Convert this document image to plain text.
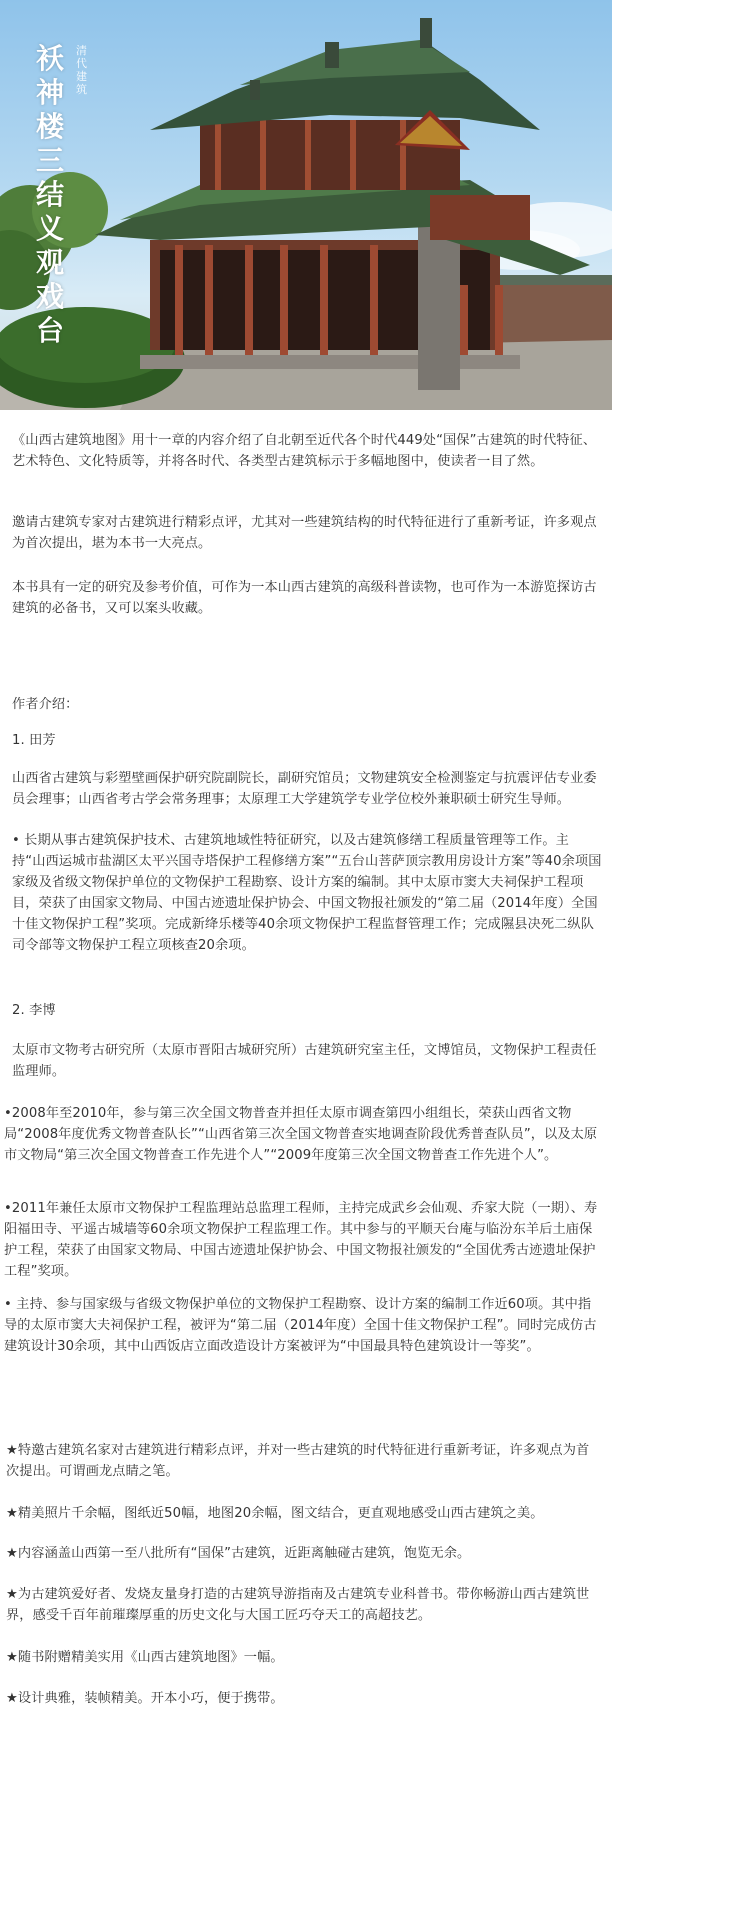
袄神楼三结义观戏台
清代建筑

《山西古建筑地图》用十一章的内容介绍了自北朝至近代各个时代449处“国保”古建筑的时代特征、艺术特色、文化特质等，并将各时代、各类型古建筑标示于多幅地图中，使读者一目了然。

邀请古建筑专家对古建筑进行精彩点评，尤其对一些建筑结构的时代特征进行了重新考证，许多观点为首次提出，堪为本书一大亮点。

本书具有一定的研究及参考价值，可作为一本山西古建筑的高级科普读物，也可作为一本游览探访古建筑的必备书，又可以案头收藏。

作者介绍：

1. 田芳

山西省古建筑与彩塑壁画保护研究院副院长，副研究馆员；文物建筑安全检测鉴定与抗震评估专业委员会理事；山西省考古学会常务理事；太原理工大学建筑学专业学位校外兼职硕士研究生导师。

• 长期从事古建筑保护技术、古建筑地域性特征研究，以及古建筑修缮工程质量管理等工作。主持“山西运城市盐湖区太平兴国寺塔保护工程修缮方案”“五台山菩萨顶宗教用房设计方案”等40余项国家级及省级文物保护单位的文物保护工程勘察、设计方案的编制。其中太原市窦大夫祠保护工程项目，荣获了由国家文物局、中国古迹遗址保护协会、中国文物报社颁发的“第二届（2014年度）全国十佳文物保护工程”奖项。完成新绛乐楼等40余项文物保护工程监督管理工作；完成隰县决死二纵队司令部等文物保护工程立项核查20余项。

2. 李博

太原市文物考古研究所（太原市晋阳古城研究所）古建筑研究室主任，文博馆员，文物保护工程责任监理师。

•2008年至2010年，参与第三次全国文物普查并担任太原市调查第四小组组长，荣获山西省文物局“2008年度优秀文物普查队长”“山西省第三次全国文物普查实地调查阶段优秀普查队员”，以及太原市文物局“第三次全国文物普查工作先进个人”“2009年度第三次全国文物普查工作先进个人”。

•2011年兼任太原市文物保护工程监理站总监理工程师，主持完成武乡会仙观、乔家大院（一期）、寿阳福田寺、平遥古城墙等60余项文物保护工程监理工作。其中参与的平顺天台庵与临汾东羊后土庙保护工程，荣获了由国家文物局、中国古迹遗址保护协会、中国文物报社颁发的“全国优秀古迹遗址保护工程”奖项。

• 主持、参与国家级与省级文物保护单位的文物保护工程勘察、设计方案的编制工作近60项。其中指导的太原市窦大夫祠保护工程，被评为“第二届（2014年度）全国十佳文物保护工程”。同时完成仿古建筑设计30余项，其中山西饭店立面改造设计方案被评为“中国最具特色建筑设计一等奖”。

★特邀古建筑名家对古建筑进行精彩点评，并对一些古建筑的时代特征进行重新考证，许多观点为首次提出。可谓画龙点睛之笔。

★精美照片千余幅，图纸近50幅，地图20余幅，图文结合，更直观地感受山西古建筑之美。

★内容涵盖山西第一至八批所有“国保”古建筑，近距离触碰古建筑，饱览无余。

★为古建筑爱好者、发烧友量身打造的古建筑导游指南及古建筑专业科普书。带你畅游山西古建筑世界，感受千百年前璀璨厚重的历史文化与大国工匠巧夺天工的高超技艺。

★随书附赠精美实用《山西古建筑地图》一幅。

★设计典雅，装帧精美。开本小巧，便于携带。
